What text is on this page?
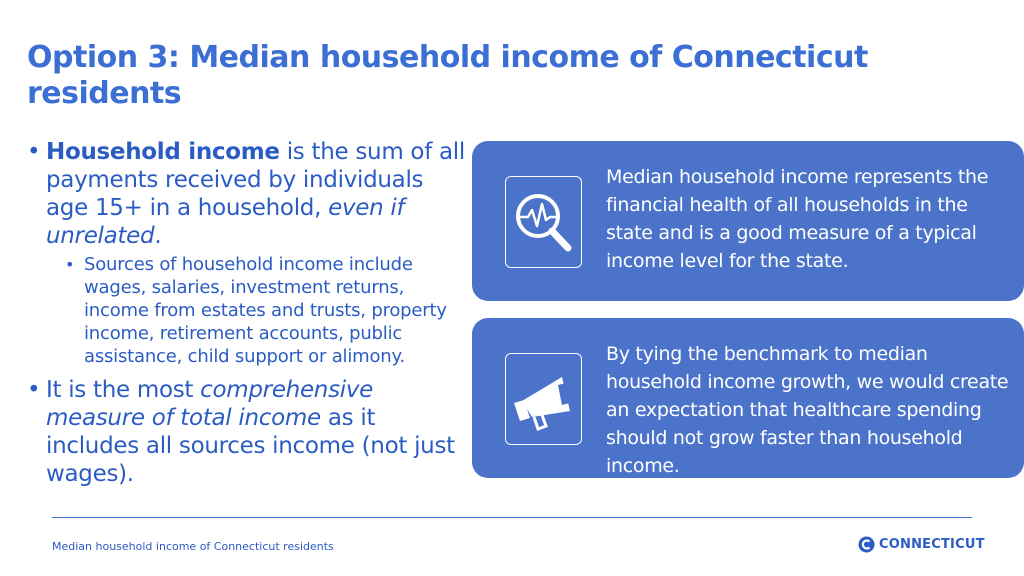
Option 3: Median household income of Connecticut residents
• Household income is the sum of all payments received by individuals age 15+ in a household, even if unrelated.
• Sources of household income include wages, salaries, investment returns, income from estates and trusts, property income, retirement accounts, public assistance, child support or alimony.
• It is the most comprehensive measure of total income as it includes all sources income (not just wages).
Median household income represents the financial health of all households in the state and is a good measure of a typical income level for the state.
By tying the benchmark to median household income growth, we would create an expectation that healthcare spending should not grow faster than household income.
Median household income of Connecticut residents	CONNECTICUT
